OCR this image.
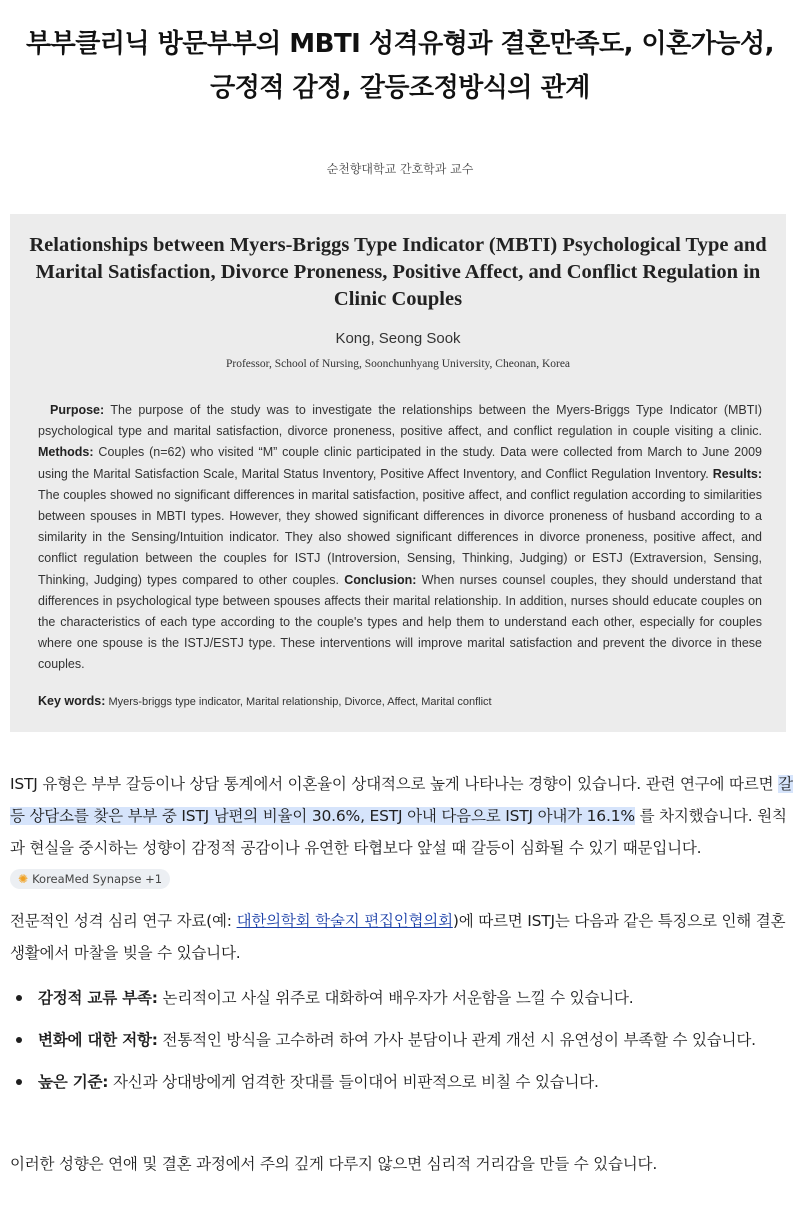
부부클리닉 방문부부의 MBTI 성격유형과 결혼만족도, 이혼가능성,
긍정적 감정, 갈등조정방식의 관계
순천향대학교 간호학과 교수
Relationships between Myers-Briggs Type Indicator (MBTI) Psychological Type and Marital Satisfaction, Divorce Proneness, Positive Affect, and Conflict Regulation in Clinic Couples
Kong, Seong Sook
Professor, School of Nursing, Soonchunhyang University, Cheonan, Korea
Purpose: The purpose of the study was to investigate the relationships between the Myers-Briggs Type Indicator (MBTI) psychological type and marital satisfaction, divorce proneness, positive affect, and conflict regulation in couple visiting a clinic. Methods: Couples (n=62) who visited “M” couple clinic participated in the study. Data were collected from March to June 2009 using the Marital Satisfaction Scale, Marital Status Inventory, Positive Affect Inventory, and Conflict Regulation Inventory. Results: The couples showed no significant differences in marital satisfaction, positive affect, and conflict regulation according to similarities between spouses in MBTI types. However, they showed significant differences in divorce proneness of husband according to a similarity in the Sensing/Intuition indicator. They also showed significant differences in divorce proneness, positive affect, and conflict regulation between the couples for ISTJ (Introversion, Sensing, Thinking, Judging) or ESTJ (Extraversion, Sensing, Thinking, Judging) types compared to other couples. Conclusion: When nurses counsel couples, they should understand that differences in psychological type between spouses affects their marital relationship. In addition, nurses should educate couples on the characteristics of each type according to the couple's types and help them to understand each other, especially for couples where one spouse is the ISTJ/ESTJ type. These interventions will improve marital satisfaction and prevent the divorce in these couples.
Key words: Myers-briggs type indicator, Marital relationship, Divorce, Affect, Marital conflict
ISTJ 유형은 부부 갈등이나 상담 통계에서 이혼율이 상대적으로 높게 나타나는 경향이 있습니다. 관련 연구에 따르면 갈등 상담소를 찾은 부부 중 ISTJ 남편의 비율이 30.6%, ESTJ 아내 다음으로 ISTJ 아내가 16.1% 를 차지했습니다. 원칙과 현실을 중시하는 성향이 감정적 공감이나 유연한 타협보다 앞설 때 갈등이 심화될 수 있기 때문입니다. ✺ KoreaMed Synapse +1
전문적인 성격 심리 연구 자료(예: 대한의학회 학술지 편집인협의회)에 따르면 ISTJ는 다음과 같은 특징으로 인해 결혼 생활에서 마찰을 빚을 수 있습니다.
감정적 교류 부족: 논리적이고 사실 위주로 대화하여 배우자가 서운함을 느낄 수 있습니다.
변화에 대한 저항: 전통적인 방식을 고수하려 하여 가사 분담이나 관계 개선 시 유연성이 부족할 수 있습니다.
높은 기준: 자신과 상대방에게 엄격한 잣대를 들이대어 비판적으로 비칠 수 있습니다.
이러한 성향은 연애 및 결혼 과정에서 주의 깊게 다루지 않으면 심리적 거리감을 만들 수 있습니다.
